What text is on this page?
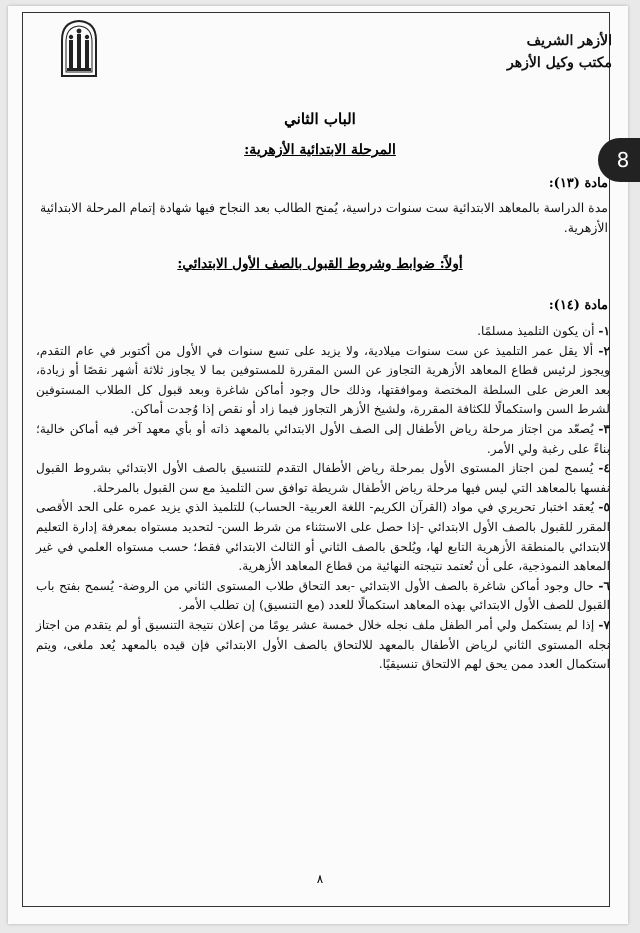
الأزهر الشريف
مكتب وكيل الأزهر
8
الباب الثاني
المرحلة الابتدائية الأزهرية:
مادة (١٣):
مدة الدراسة بالمعاهد الابتدائية ست سنوات دراسية، يُمنح الطالب بعد النجاح فيها شهادة إتمام المرحلة الابتدائية الأزهرية.
أولاً: ضوابط وشروط القبول بالصف الأول الابتدائي:
مادة (١٤):
١- أن يكون التلميذ مسلمًا.
٢- ألا يقل عمر التلميذ عن ست سنوات ميلادية، ولا يزيد على تسع سنوات في الأول من أكتوبر في عام التقدم، ويجوز لرئيس قطاع المعاهد الأزهرية التجاوز عن السن المقررة للمستوفين بما لا يجاوز ثلاثة أشهر نقصًا أو زيادة، بعد العرض على السلطة المختصة وموافقتها، وذلك حال وجود أماكن شاغرة وبعد قبول كل الطلاب المستوفين لشرط السن واستكمالًا للكثافة المقررة، ولشيخ الأزهر التجاوز فيما زاد أو نقص إذا وُجدت أماكن.
٣- يُصعّد من اجتاز مرحلة رياض الأطفال إلى الصف الأول الابتدائي بالمعهد ذاته أو بأي معهد آخر فيه أماكن خالية؛ بناءً على رغبة ولي الأمر.
٤- يُسمح لمن اجتاز المستوى الأول بمرحلة رياض الأطفال التقدم للتنسيق بالصف الأول الابتدائي بشروط القبول نفسها بالمعاهد التي ليس فيها مرحلة رياض الأطفال شريطة توافق سن التلميذ مع سن القبول بالمرحلة.
٥- يُعقد اختبار تحريري في مواد (القرآن الكريم- اللغة العربية- الحساب) للتلميذ الذي يزيد عمره على الحد الأقصى المقرر للقبول بالصف الأول الابتدائي -إذا حصل على الاستثناء من شرط السن- لتحديد مستواه بمعرفة إدارة التعليم الابتدائي بالمنطقة الأزهرية التابع لها، ويُلحق بالصف الثاني أو الثالث الابتدائي فقط؛ حسب مستواه العلمي في غير المعاهد النموذجية، على أن تُعتمد نتيجته النهائية من قطاع المعاهد الأزهرية.
٦- حال وجود أماكن شاغرة بالصف الأول الابتدائي -بعد التحاق طلاب المستوى الثاني من الروضة- يُسمح بفتح باب القبول للصف الأول الابتدائي بهذه المعاهد استكمالًا للعدد (مع التنسيق) إن تطلب الأمر.
٧- إذا لم يستكمل ولي أمر الطفل ملف نجله خلال خمسة عشر يومًا من إعلان نتيجة التنسيق أو لم يتقدم من اجتاز نجله المستوى الثاني لرياض الأطفال بالمعهد للالتحاق بالصف الأول الابتدائي فإن قيده بالمعهد يُعد ملغى، ويتم استكمال العدد ممن يحق لهم الالتحاق تنسيقيًا.
٨
